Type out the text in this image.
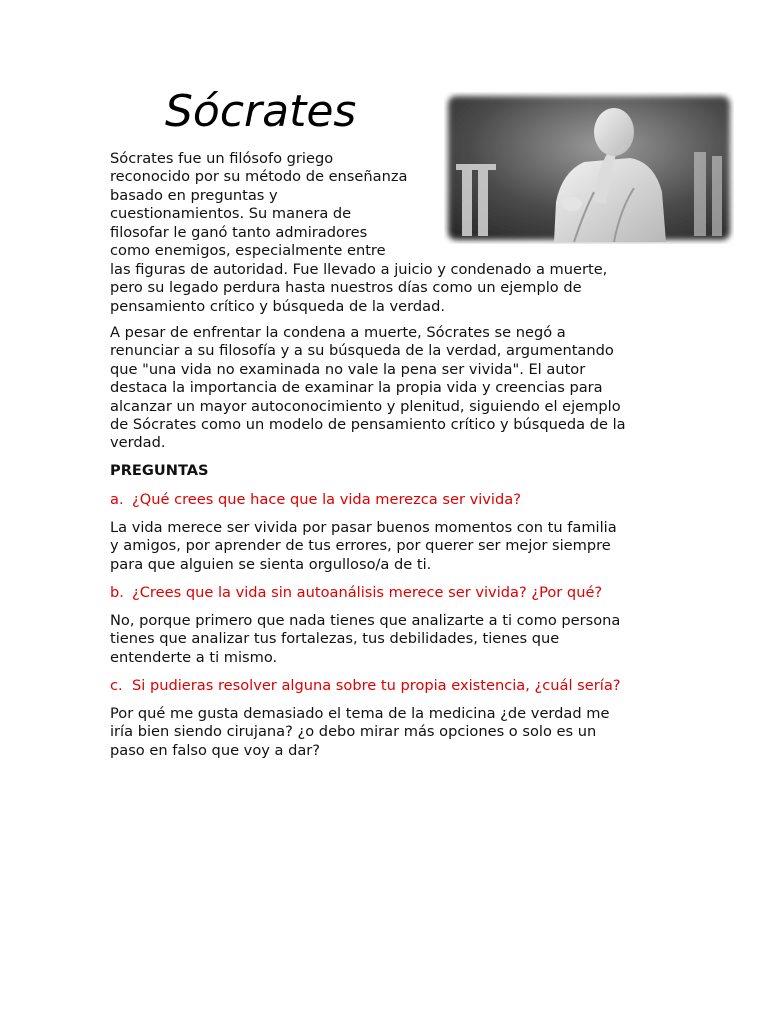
Sócrates

Sócrates fue un filósofo griego
reconocido por su método de enseñanza
basado en preguntas y
cuestionamientos. Su manera de
filosofar le ganó tanto admiradores
como enemigos, especialmente entre

las figuras de autoridad. Fue llevado a juicio y condenado a muerte,
pero su legado perdura hasta nuestros días como un ejemplo de
pensamiento crítico y búsqueda de la verdad.

A pesar de enfrentar la condena a muerte, Sócrates se negó a
renunciar a su filosofía y a su búsqueda de la verdad, argumentando
que "una vida no examinada no vale la pena ser vivida". El autor
destaca la importancia de examinar la propia vida y creencias para
alcanzar un mayor autoconocimiento y plenitud, siguiendo el ejemplo
de Sócrates como un modelo de pensamiento crítico y búsqueda de la
verdad.

PREGUNTAS

a. ¿Qué crees que hace que la vida merezca ser vivida?

La vida merece ser vivida por pasar buenos momentos con tu familia
y amigos, por aprender de tus errores, por querer ser mejor siempre
para que alguien se sienta orgulloso/a de ti.

b. ¿Crees que la vida sin autoanálisis merece ser vivida? ¿Por qué?

No, porque primero que nada tienes que analizarte a ti como persona
tienes que analizar tus fortalezas, tus debilidades, tienes que
entenderte a ti mismo.

c. Si pudieras resolver alguna sobre tu propia existencia, ¿cuál sería?

Por qué me gusta demasiado el tema de la medicina ¿de verdad me
iría bien siendo cirujana? ¿o debo mirar más opciones o solo es un
paso en falso que voy a dar?
